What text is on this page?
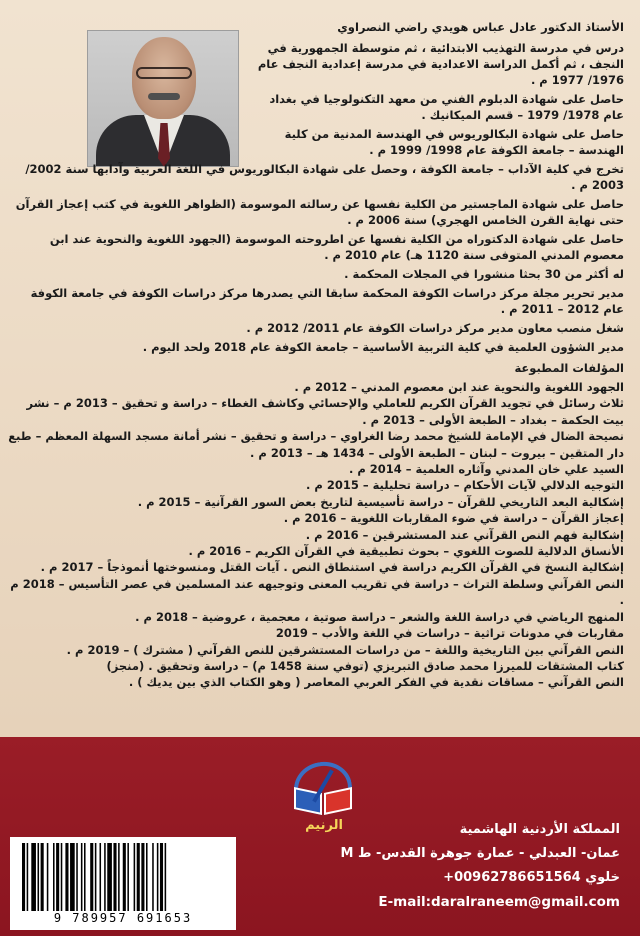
الأستاذ الدكتور عادل عباس هويدي راضي النصراوي

درس في مدرسة التهذيب الابتدائية ، ثم متوسطة الجمهورية في النجف ، ثم أكمل الدراسة الاعدادية في مدرسة إعدادية النجف عام 1976/ 1977 م .

حاصل على شهادة الدبلوم الفني من معهد التكنولوجيا في بغداد عام 1978/ 1979 – قسم الميكانيك .

حاصل على شهادة البكالوريوس في الهندسة المدنية من كلية الهندسة – جامعة الكوفة عام 1998/ 1999 م .

تخرج في كلية الآداب – جامعة الكوفة ، وحصل على شهادة البكالوريوس في اللغة العربية وآدابها سنة 2002/ 2003 م .

حاصل على شهادة الماجستير من الكلية نفسها عن رسالته الموسومة (الظواهر اللغوية في كتب إعجاز القرآن حتى نهاية القرن الخامس الهجري) سنة 2006 م .

حاصل على شهادة الدكتوراه من الكلية نفسها عن اطروحته الموسومة (الجهود اللغوية والنحوية عند ابن معصوم المدني المتوفى سنة 1120 هـ) عام 2010 م .

له أكثر من 30 بحثا منشورا في المجلات المحكمة .

مدير تحرير مجلة مركز دراسات الكوفة المحكمة سابقا التي يصدرها مركز دراسات الكوفة في جامعة الكوفة عام 2012 – 2011 م .

شغل منصب معاون مدير مركز دراسات الكوفة عام 2011/ 2012 م .

مدير الشؤون العلمية في كلية التربية الأساسية – جامعة الكوفة عام 2018 ولحد اليوم .

المؤلفات المطبوعة

الجهود اللغوية والنحوية عند ابن معصوم المدني – 2012 م .

ثلاث رسائل في تجويد القرآن الكريم للعاملي والإحسائي وكاشف الغطاء – دراسة و تحقيق – 2013 م – نشر بيت الحكمة – بغداد – الطبعة الأولى – 2013 م .

نصيحة الضال في الإمامة للشيخ محمد رضا الغراوي – دراسة و تحقيق – نشر أمانة مسجد السهلة المعظم – طبع دار المتقين – بيروت – لبنان – الطبعة الأولى – 1434 هـ – 2013 م .

السيد علي خان المدني وآثاره العلمية – 2014 م .

التوجيه الدلالي لآيات الأحكام – دراسة تحليلية – 2015 م .

إشكالية البعد التاريخي للقرآن – دراسة تأسيسية لتاريخ بعض السور القرآنية – 2015 م .

إعجاز القرآن – دراسة في ضوء المقاربات اللغوية – 2016 م .

إشكالية فهم النص القرآني عند المستشرقين – 2016 م .

الأنساق الدلالية للصوت اللغوي – بحوث تطبيقية في القرآن الكريم – 2016 م .

إشكالية النسخ في القرآن الكريم دراسة في استنطاق النص . آيات القتل ومنسوختها أنموذجاً – 2017 م .

النص القرآني وسلطة التراث – دراسة في تقريب المعنى وتوجيهه عند المسلمين في عصر التأسيس – 2018 م .

المنهج الرياضي في دراسة اللغة والشعر – دراسة صوتية ، معجمية ، عروضية – 2018 م .

مقاربات في مدونات تراثية – دراسات في اللغة والأدب – 2019

النص القرآني بين التاريخية واللغة – من دراسات المستشرقين للنص القرآني ( مشترك ) – 2019 م .

كتاب المشتقات للميرزا محمد صادق التبريزي (توفي سنة 1458 م) – دراسة وتحقيق . (منجز)

النص القرآني – مساقات نقدية في الفكر العربي المعاصر ( وهو الكتاب الذي بين يديك ) .

الرنيم	المملكة الأردنية الهاشمية
عمان- العبدلي - عمارة جوهرة القدس- ط M
خلوي 00962786651564+
E-mail:daralraneem@gmail.com
9 789957 691653
